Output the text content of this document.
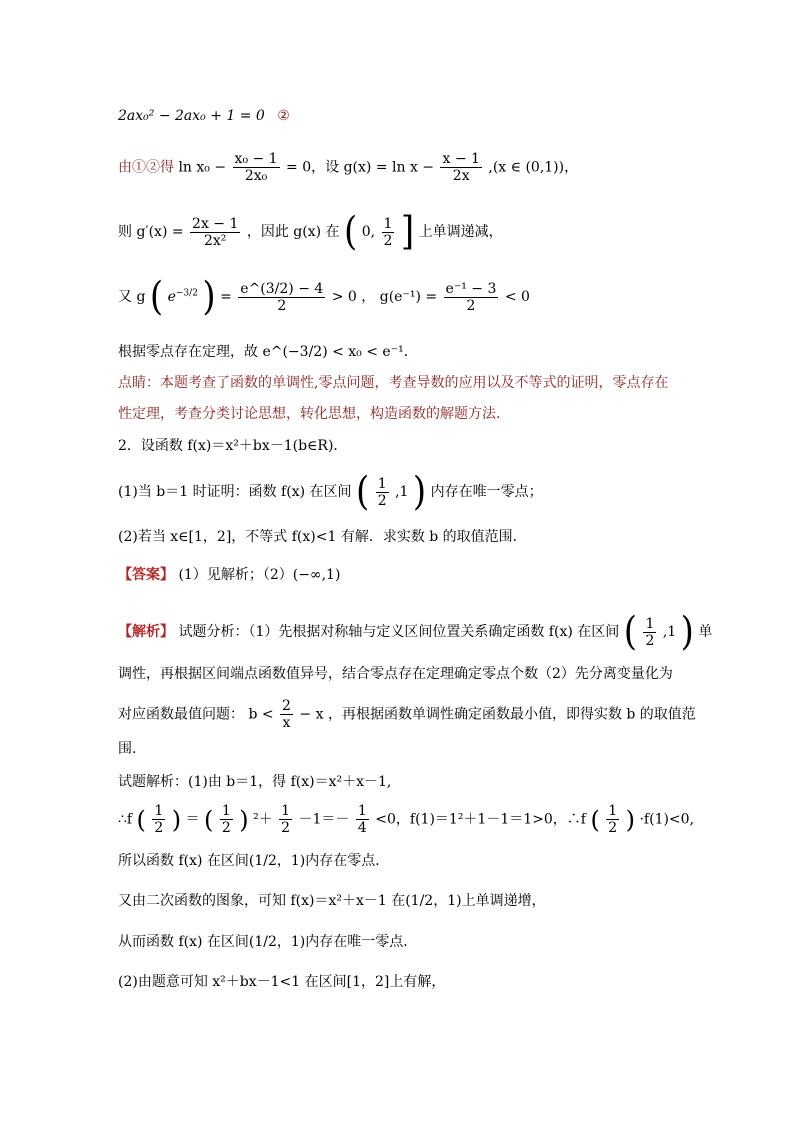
2ax₀² − 2ax₀ + 1 = 0 ②
由①②得 $\ln x_0 - \frac{\text{x₀ − 1}}{\text{2x₀}} = 0$，设 $g(x) = \ln x - \frac{x - 1}{2x} ,(x$ ∈ (0,1))，
则 $g'(x) = \frac{2x - 1}{\text{2x²}}$ ，因此 g(x) 在 ( 0, $\frac{1}{2}$ ] 上单调递减，
又 g ( $e^{-3/2}$ ) = $\frac{e\^{}(3/2) - 4}{2} > 0$ ， $g(e^{-1}) = \frac{\text{e⁻¹ − 3}}{2} < 0$
根据零点存在定理，故 e^(−3/2) < x₀ < e⁻¹．
点睛：本题考查了函数的单调性,零点问题，考查导数的应用以及不等式的证明，零点存在
性定理，考查分类讨论思想，转化思想，构造函数的解题方法.
2．设函数 f(x)＝x²＋bx－1(b∈R)．
(1)当 b＝1 时证明：函数 f(x) 在区间 ( $\frac{1}{2} ,1$ ) 内存在唯一零点；
(2)若当 x∈[1，2]，不等式 f(x)<1 有解．求实数 b 的取值范围．
【答案】 (1）见解析；（2）(−∞,1)
【解析】 试题分析：（1）先根据对称轴与定义区间位置关系确定函数 f(x) 在区间 ( $\frac{1}{2} ,1$ ) 单
调性，再根据区间端点函数值异号，结合零点存在定理确定零点个数（2）先分离变量化为
对应函数最值问题： $b < \frac{2}{x} - x$ ，再根据函数单调性确定函数最小值，即得实数 b 的取值范
围.
试题解析：(1)由 b＝1，得 f(x)＝x²＋x－1,
∴f ( $\frac{1}{2}$ ) ＝ ( $\frac{1}{2}$ ) $^2+ \frac{1}{2} -1=- \frac{1}{4} <0$，f(1)＝1²＋1－1＝1>0，∴f ( $\frac{1}{2}$ ) ·f(1)<0,
所以函数 f(x) 在区间(1/2，1)内存在零点．
又由二次函数的图象，可知 f(x)＝x²＋x－1 在(1/2，1)上单调递增，
从而函数 f(x) 在区间(1/2，1)内存在唯一零点．
(2)由题意可知 x²＋bx－1<1 在区间[1，2]上有解，
